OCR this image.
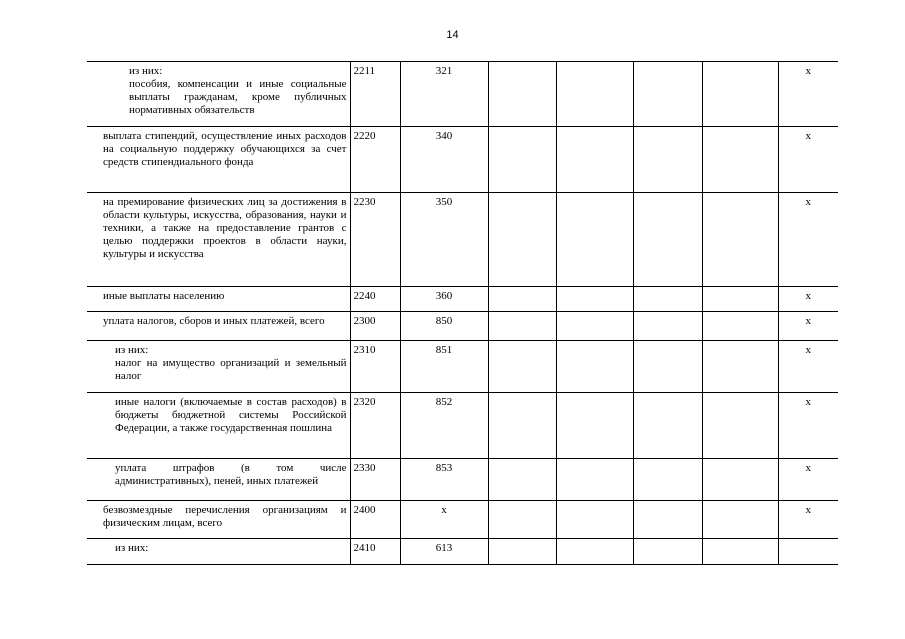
14
из них:
пособия, компенсации и иные социальные выплаты гражданам, кроме публичных нормативных обязательств	2211	321					x

выплата стипендий, осуществление иных расходов на социальную поддержку обучающихся за счет средств стипендиального фонда	2220	340					x

на премирование физических лиц за достижения в области культуры, искусства, образования, науки и техники, а также на предоставление грантов с целью поддержки проектов в области науки, культуры и искусства	2230	350					x

иные выплаты населению	2240	360					x

уплата налогов, сборов и иных платежей, всего	2300	850					x

из них:
налог на имущество организаций и земельный налог	2310	851					x

иные налоги (включаемые в состав расходов) в бюджеты бюджетной системы Российской Федерации, а также государственная пошлина	2320	852					x

уплата штрафов (в том числе административных), пеней, иных платежей	2330	853					x

безвозмездные перечисления организациям и физическим лицам, всего	2400	x					x

из них:	2410	613					
